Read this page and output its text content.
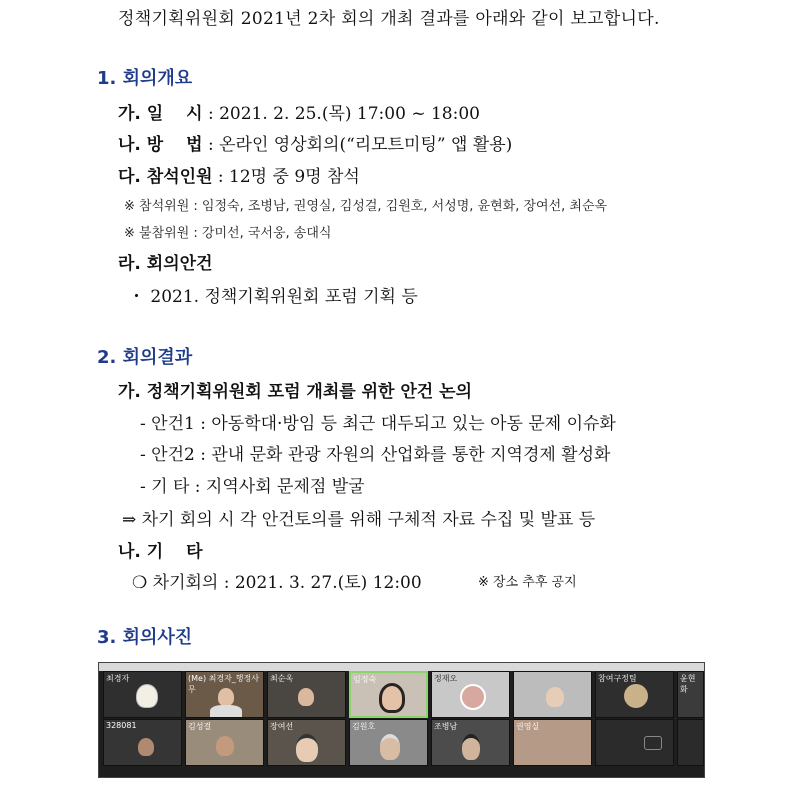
정책기획위원회 2021년 2차 회의 개최 결과를 아래와 같이 보고합니다.
1. 회의개요
가. 일　 시 : 2021. 2. 25.(목) 17:00 ~ 18:00
나. 방　 법 : 온라인 영상회의(“리모트미팅” 앱 활용)
다. 참석인원 : 12명 중 9명 참석
※ 참석위원 : 임정숙, 조병남, 권영실, 김성걸, 김원호, 서성명, 윤현화, 장여선, 최순옥
※ 불참위원 : 강미선, 국서웅, 송대식
라. 회의안건
・ 2021. 정책기획위원회 포럼 기획 등
2. 회의결과
가. 정책기획위원회 포럼 개최를 위한 안건 논의
- 안건1 : 아동학대·방임 등 최근 대두되고 있는 아동 문제 이슈화
- 안건2 : 관내 문화 관광 자원의 산업화를 통한 지역경제 활성화
- 기 타 : 지역사회 문제점 발굴
⇒ 차기 회의 시 각 안건토의를 위해 구체적 자료 수집 및 발표 등
나. 기　 타
❍ 차기회의 : 2021. 3. 27.(토) 12:00	※ 장소 추후 공지
3. 회의사진
최경자	(Me) 최경자_행정사무
최순옥	임정숙	정재오	참여구정팀	윤현화
328081	김성걸	장여선	김원호	조병남	권영실
